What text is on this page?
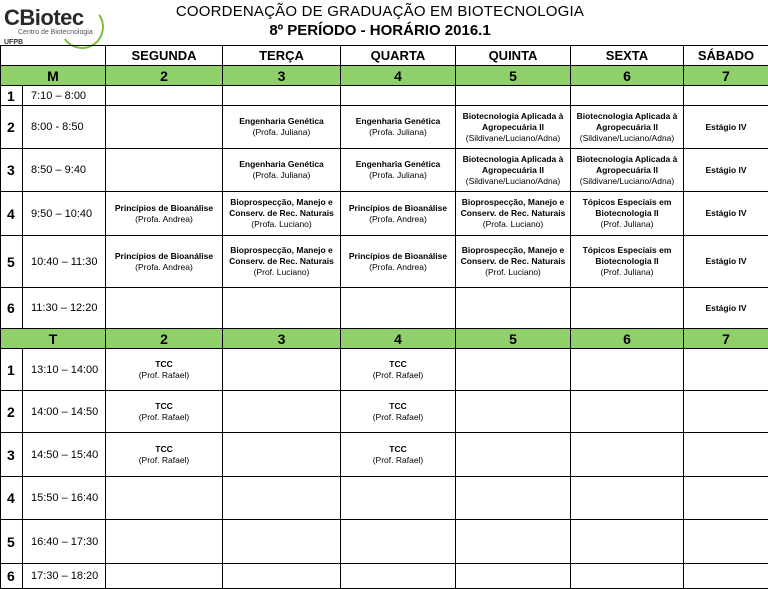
CBiotec
Centro de Biotecnologia
UFPB
COORDENAÇÃO DE GRADUAÇÃO EM BIOTECNOLOGIA
8º PERÍODO - HORÁRIO 2016.1
		SEGUNDA	TERÇA	QUARTA	QUINTA	SEXTA	SÁBADO
M		2	3	4	5	6	7
1	7:10 – 8:00						
2	8:00 - 8:50		Engenharia Genética
(Profa. Juliana)	Engenharia Genética
(Profa. Juliana)	Biotecnologia Aplicada à Agropecuária II
(Sildivane/Luciano/Adna)	Biotecnologia Aplicada à Agropecuária II
(Sildivane/Luciano/Adna)	Estágio IV

3	8:50 – 9:40		Engenharia Genética
(Profa. Juliana)	Engenharia Genética
(Profa. Juliana)	Biotecnologia Aplicada à Agropecuária II
(Sildivane/Luciano/Adna)	Biotecnologia Aplicada à Agropecuária II
(Sildivane/Luciano/Adna)	Estágio IV

4	9:50 – 10:40	Princípios de Bioanálise
(Profa. Andrea)	Bioprospecção, Manejo e Conserv. de Rec. Naturais
(Profa. Luciano)	Princípios de Bioanálise
(Profa. Andrea)	Bioprospecção, Manejo e Conserv. de Rec. Naturais
(Profa. Luciano)	Tópicos Especiais em Biotecnologia II
(Prof. Juliana)	Estágio IV

5	10:40 – 11:30	Princípios de Bioanálise
(Profa. Andrea)	Bioprospecção, Manejo e Conserv. de Rec. Naturais
(Prof. Luciano)	Princípios de Bioanálise
(Profa. Andrea)	Bioprospecção, Manejo e Conserv. de Rec. Naturais
(Prof. Luciano)	Tópicos Especiais em Biotecnologia II
(Prof. Juliana)	Estágio IV

6	11:30 – 12:20						Estágio IV

T		2	3	4	5	6	7
1	13:10 – 14:00	TCC
(Prof. Rafael)		TCC
(Prof. Rafael)			

2	14:00 – 14:50	TCC
(Prof. Rafael)		TCC
(Prof. Rafael)			

3	14:50 – 15:40	TCC
(Prof. Rafael)		TCC
(Prof. Rafael)			

4	15:50 – 16:40						
5	16:40 – 17:30						
6	17:30 – 18:20						
